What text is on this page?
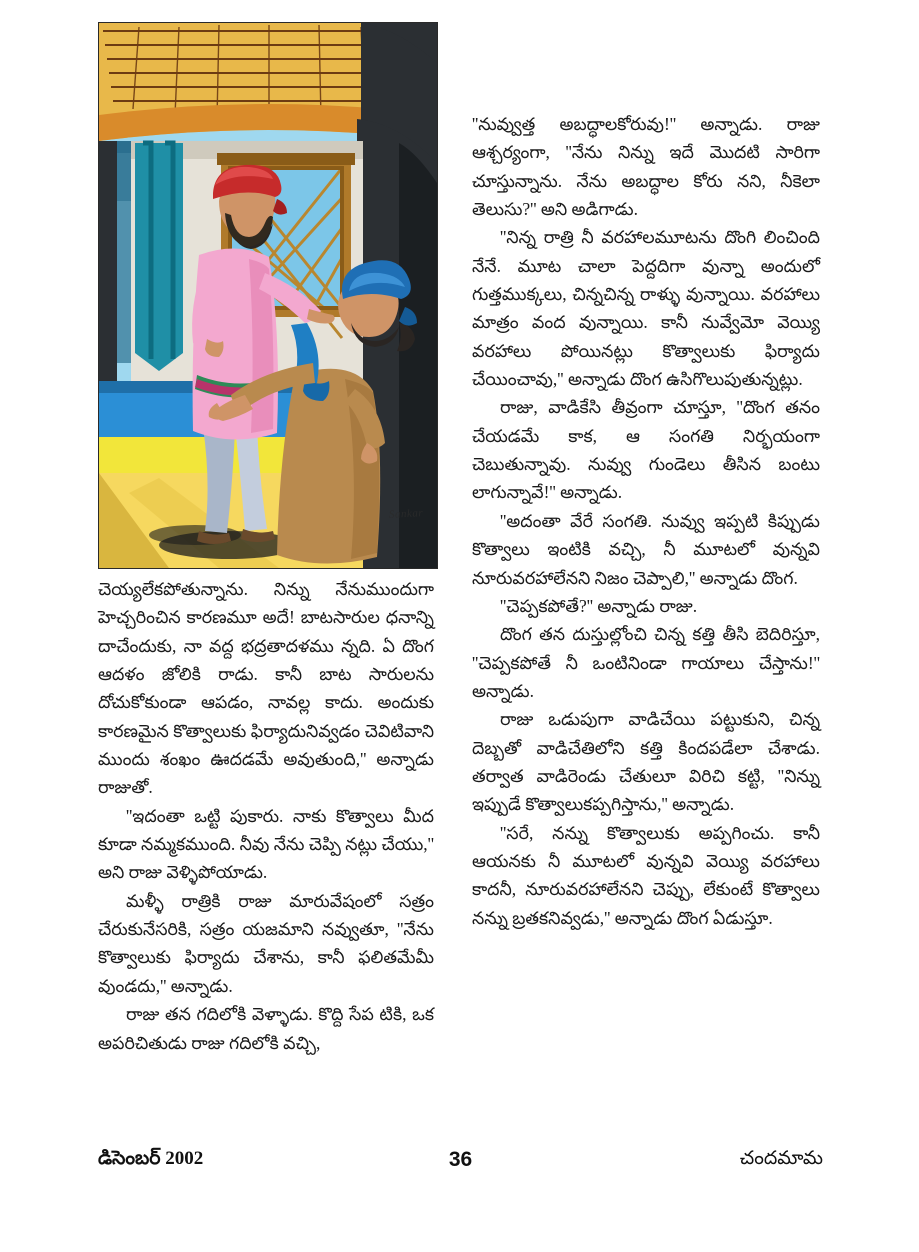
Sankar

చెయ్యలేకపోతున్నాను. నిన్ను నేనుముందుగా హెచ్చరించిన కారణమూ అదే! బాటసారుల ధనాన్ని దాచేందుకు, నా వద్ద భద్రతాదళము న్నది. ఏ దొంగ ఆదళం జోలికి రాడు. కానీ బాట సారులను దోచుకోకుండా ఆపడం, నావల్ల కాదు. అందుకు కారణమైన కొత్వాలుకు ఫిర్యాదునివ్వడం చెవిటివాని ముందు శంఖం ఊదడమే అవుతుంది,'' అన్నాడు రాజుతో.

''ఇదంతా ఒట్టి పుకారు. నాకు కొత్వాలు మీద కూడా నమ్మకముంది. నీవు నేను చెప్పి నట్లు చేయు,'' అని రాజు వెళ్ళిపోయాడు.

మళ్ళీ రాత్రికి రాజు మారువేషంలో సత్రం చేరుకునేసరికి, సత్రం యజమాని నవ్వుతూ, ''నేను కొత్వాలుకు ఫిర్యాదు చేశాను, కానీ ఫలితమేమీ వుండదు,'' అన్నాడు.

రాజు తన గదిలోకి వెళ్ళాడు. కొద్ది సేప టికి, ఒక అపరిచితుడు రాజు గదిలోకి వచ్చి,

''నువ్వుత్త అబద్ధాలకోరువు!'' అన్నాడు. రాజు ఆశ్చర్యంగా, ''నేను నిన్ను ఇదే మొదటి సారిగా చూస్తున్నాను. నేను అబద్ధాల కోరు నని, నీకెలా తెలుసు?'' అని అడిగాడు.

''నిన్న రాత్రి నీ వరహాలమూటను దొంగి లించింది నేనే. మూట చాలా పెద్దదిగా వున్నా అందులో గుత్తముక్కలు, చిన్నచిన్న రాళ్ళు వున్నాయి. వరహాలు మాత్రం వంద వున్నాయి. కానీ నువ్వేమో వెయ్యి వరహాలు పోయినట్లు కొత్వాలుకు ఫిర్యాదు చేయించావు,'' అన్నాడు దొంగ ఉసిగొలుపుతున్నట్లు.

రాజు, వాడికేసి తీవ్రంగా చూస్తూ, ''దొంగ తనం చేయడమే కాక, ఆ సంగతి నిర్భయంగా చెబుతున్నావు. నువ్వు గుండెలు తీసిన బంటు లాగున్నావే!'' అన్నాడు.

''అదంతా వేరే సంగతి. నువ్వు ఇప్పటి కిప్పుడు కొత్వాలు ఇంటికి వచ్చి, నీ మూటలో వున్నవి నూరువరహాలేనని నిజం చెప్పాలి,'' అన్నాడు దొంగ.

''చెప్పకపోతే?'' అన్నాడు రాజు.

దొంగ తన దుస్తుల్లోంచి చిన్న కత్తి తీసి బెదిరిస్తూ, ''చెప్పకపోతే నీ ఒంటినిండా గాయాలు చేస్తాను!'' అన్నాడు.

రాజు ఒడుపుగా వాడిచేయి పట్టుకుని, చిన్న దెబ్బతో వాడిచేతిలోని కత్తి కిందపడేలా చేశాడు. తర్వాత వాడిరెండు చేతులూ విరిచి కట్టి, ''నిన్ను ఇప్పుడే కొత్వాలుకప్పగిస్తాను,'' అన్నాడు.

''సరే, నన్ను కొత్వాలుకు అప్పగించు. కానీ ఆయనకు నీ మూటలో వున్నవి వెయ్యి వరహాలు కాదనీ, నూరువరహాలేనని చెప్పు, లేకుంటే కొత్వాలు నన్ను బ్రతకనివ్వడు,'' అన్నాడు దొంగ ఏడుస్తూ.

డిసెంబర్ 2002	36	చందమామ
